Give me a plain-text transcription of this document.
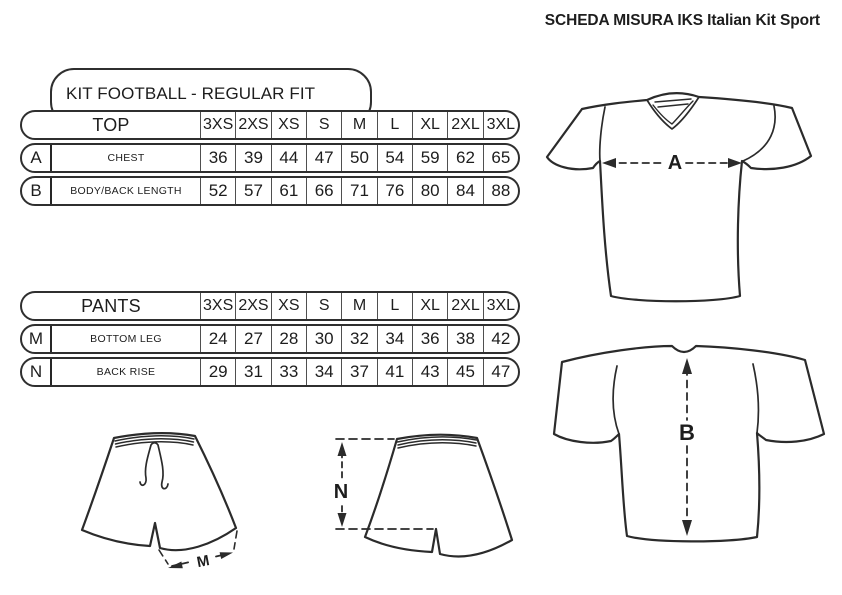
SCHEDA MISURA IKS Italian Kit Sport
KIT FOOTBALL - REGULAR FIT
TOP	3XS 2XS XS	S	M	L	XL 2XL 3XL
A	CHEST	36 39 44 47 50 54 59 62 65
B	BODY/BACK LENGTH	52 57 61 66 71 76 80 84 88
PANTS	3XS 2XS XS	S	M	L	XL 2XL 3XL
M	BOTTOM LEG	24 27 28 30 32 34 36 38 42
N	BACK RISE	29 31 33 34 37 41 43 45 47
A
B
M
N
